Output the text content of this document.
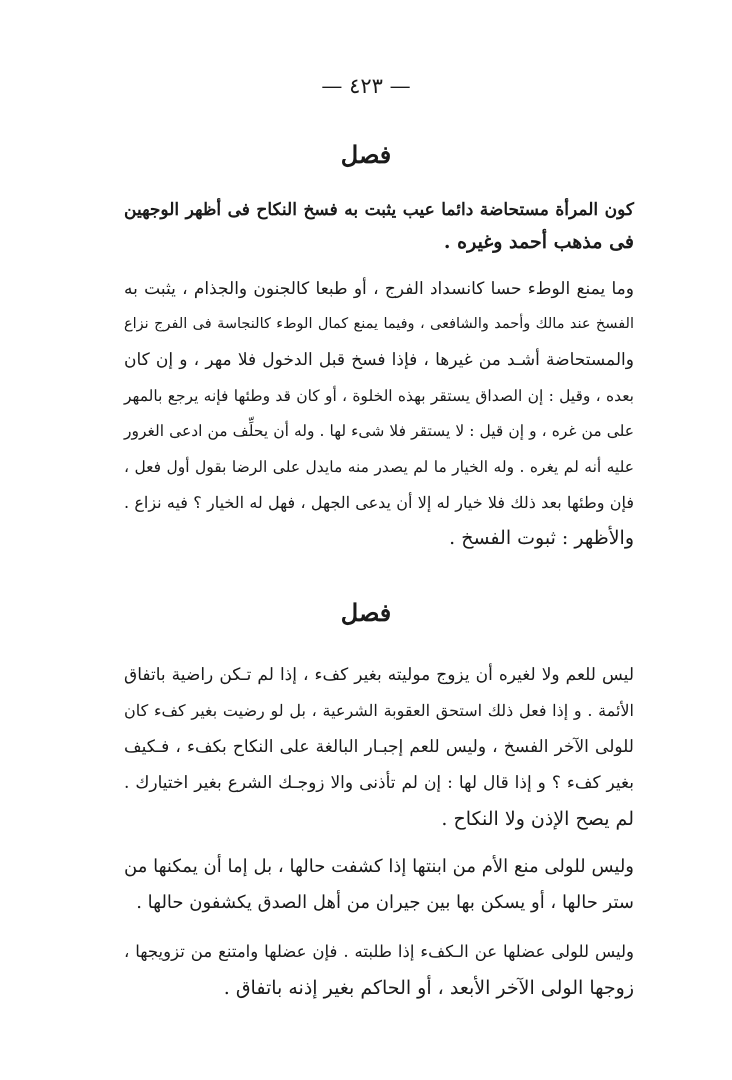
— ٤٢٣ —
فصل
كون المرأة مستحاضة دائما عيب يثبت به فسخ النكاح فى أظهر الوجهين
فى مذهب أحمد وغيره .
وما يمنع الوطء حسا كانسداد الفرج ، أو طبعا كالجنون والجذام ، يثبت به
الفسخ عند مالك وأحمد والشافعى ، وفيما يمنع كمال الوطء كالنجاسة فى الفرج نزاع
والمستحاضة أشـد من غيرها ، فإذا فسخ قبل الدخول فلا مهر ، و إن كان
بعده ، وقيل : إن الصداق يستقر بهذه الخلوة ، أو كان قد وطئها فإنه يرجع بالمهر
على من غره ، و إن قيل : لا يستقر فلا شىء لها . وله أن يحلِّف من ادعى الغرور
عليه أنه لم يغره . وله الخيار ما لم يصدر منه مايدل على الرضا بقول أول فعل ،
فإن وطئها بعد ذلك فلا خيار له إلا أن يدعى الجهل ، فهل له الخيار ؟ فيه نزاع .
والأظهر : ثبوت الفسخ .
فصل
ليس للعم ولا لغيره أن يزوج موليته بغير كفء ، إذا لم تـكن راضية باتفاق
الأئمة . و إذا فعل ذلك استحق العقوبة الشرعية ، بل لو رضيت بغير كفء كان
للولى الآخر الفسخ ، وليس للعم إجبـار البالغة على النكاح بكفء ، فـكيف
بغير كفء ؟ و إذا قال لها : إن لم تأذنى والا زوجـك الشرع بغير اختيارك .
لم يصح الإذن ولا النكاح .
وليس للولى منع الأم من ابنتها إذا كشفت حالها ، بل إما أن يمكنها من
ستر حالها ، أو يسكن بها بين جيران من أهل الصدق يكشفون حالها .
وليس للولى عضلها عن الـكفء إذا طلبته . فإن عضلها وامتنع من تزويجها ،
زوجها الولى الآخر الأبعد ، أو الحاكم بغير إذنه باتفاق .
